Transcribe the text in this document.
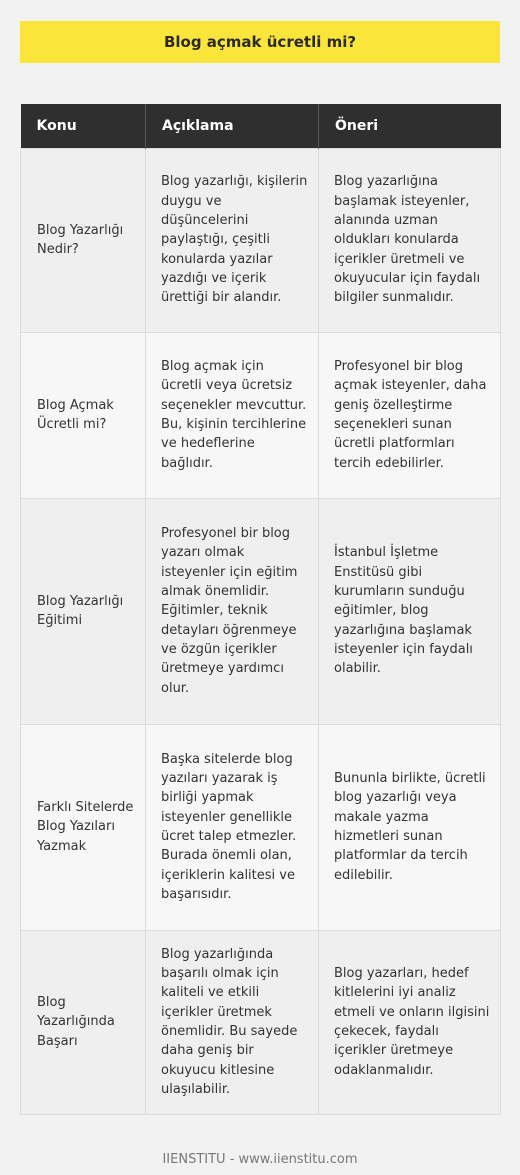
Blog açmak ücretli mi?
Konu	Açıklama	Öneri
Blog Yazarlığı Nedir?	Blog yazarlığı, kişilerin duygu ve düşüncelerini paylaştığı, çeşitli konularda yazılar yazdığı ve içerik ürettiği bir alandır.	Blog yazarlığına başlamak isteyenler, alanında uzman oldukları konularda içerikler üretmeli ve okuyucular için faydalı bilgiler sunmalıdır.
Blog Açmak Ücretli mi?	Blog açmak için ücretli veya ücretsiz seçenekler mevcuttur. Bu, kişinin tercihlerine ve hedeflerine bağlıdır.	Profesyonel bir blog açmak isteyenler, daha geniş özelleştirme seçenekleri sunan ücretli platformları tercih edebilirler.
Blog Yazarlığı Eğitimi	Profesyonel bir blog yazarı olmak isteyenler için eğitim almak önemlidir. Eğitimler, teknik detayları öğrenmeye ve özgün içerikler üretmeye yardımcı olur.	İstanbul İşletme Enstitüsü gibi kurumların sunduğu eğitimler, blog yazarlığına başlamak isteyenler için faydalı olabilir.
Farklı Sitelerde Blog Yazıları Yazmak	Başka sitelerde blog yazıları yazarak iş birliği yapmak isteyenler genellikle ücret talep etmezler. Burada önemli olan, içeriklerin kalitesi ve başarısıdır.	Bununla birlikte, ücretli blog yazarlığı veya makale yazma hizmetleri sunan platformlar da tercih edilebilir.
Blog Yazarlığında Başarı	Blog yazarlığında başarılı olmak için kaliteli ve etkili içerikler üretmek önemlidir. Bu sayede daha geniş bir okuyucu kitlesine ulaşılabilir.	Blog yazarları, hedef kitlelerini iyi analiz etmeli ve onların ilgisini çekecek, faydalı içerikler üretmeye odaklanmalıdır.
IIENSTITU - www.iienstitu.com
